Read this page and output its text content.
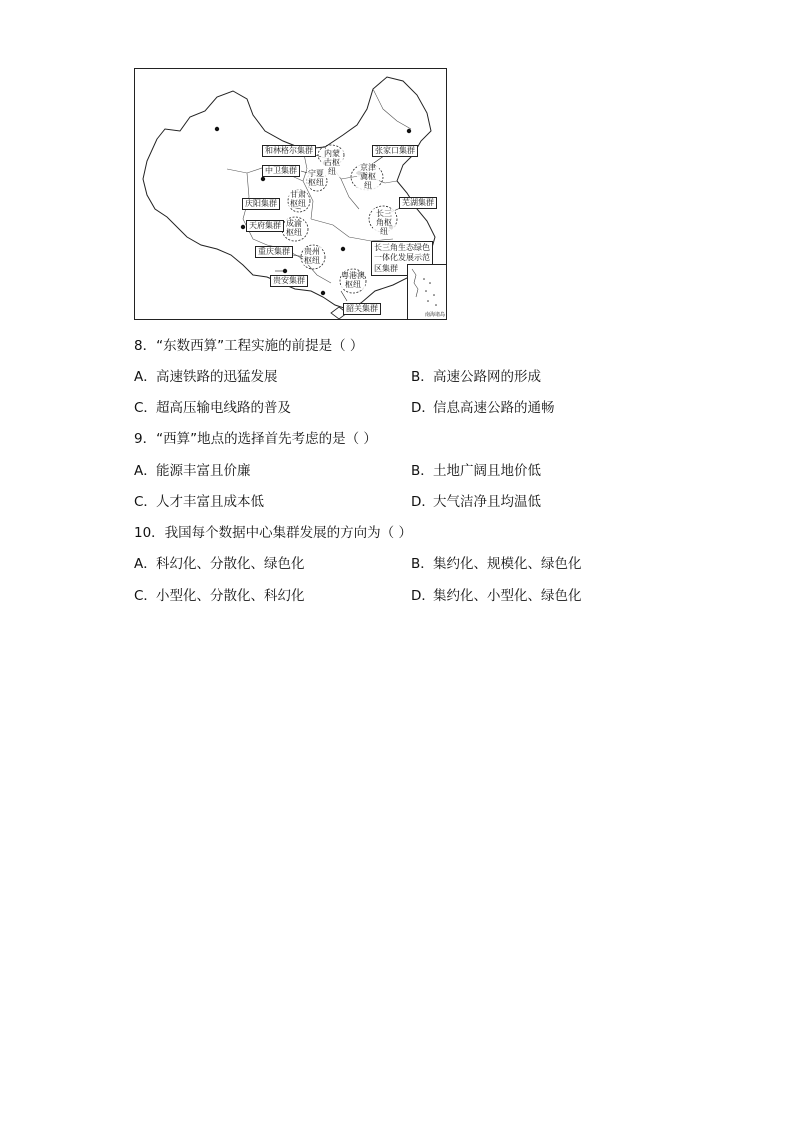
和林格尔集群
中卫集群
庆阳集群
天府集群
重庆集群
贵安集群
张家口集群
芜湖集群
长三角生态绿色一体化发展示范区集群
韶关集群
内蒙古枢纽	京津冀枢纽
宁夏枢纽
甘肃枢纽
成渝枢纽
长三角枢纽
贵州枢纽
粤港澳枢纽
南海诸岛
8．“东数西算”工程实施的前提是（ ）
A．高速铁路的迅猛发展	B．高速公路网的形成
C．超高压输电线路的普及	D．信息高速公路的通畅
9．“西算”地点的选择首先考虑的是（ ）
A．能源丰富且价廉	B．土地广阔且地价低
C．人才丰富且成本低	D．大气洁净且均温低
10．我国每个数据中心集群发展的方向为（ ）
A．科幻化、分散化、绿色化	B．集约化、规模化、绿色化
C．小型化、分散化、科幻化	D．集约化、小型化、绿色化
